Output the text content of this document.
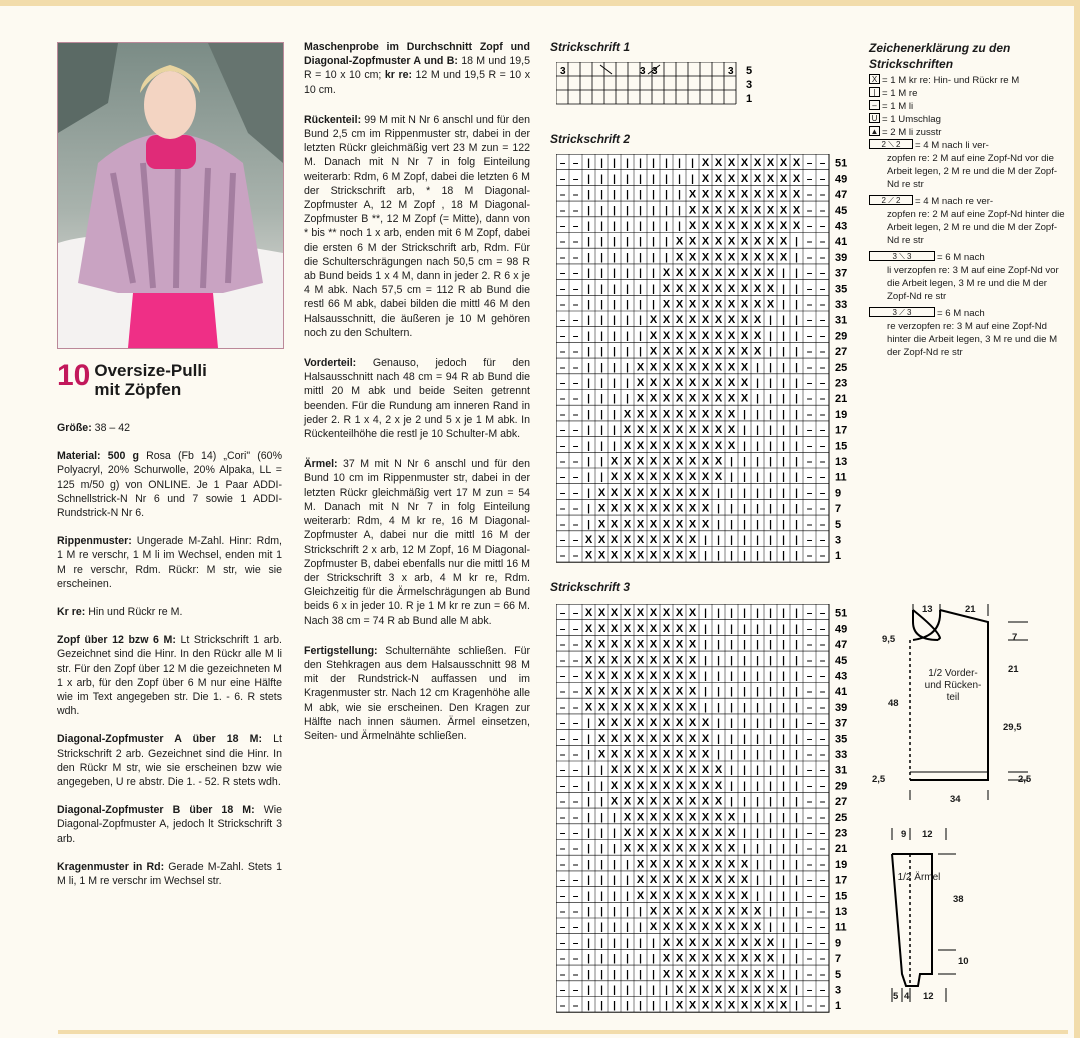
10 Oversize-Pulli
mit Zöpfen

Größe: 38 – 42

Material: 500 g Rosa (Fb 14) „Cori" (60% Polyacryl, 20% Schurwolle, 20% Alpaka, LL = 125 m/50 g) von ONLINE. Je 1 Paar ADDI-Schnellstrick-N Nr 6 und 7 sowie 1 ADDI-Rundstrick-N Nr 6.

Rippenmuster: Ungerade M-Zahl. Hinr: Rdm, 1 M re verschr, 1 M li im Wechsel, enden mit 1 M re verschr, Rdm. Rückr: M str, wie sie erscheinen.

Kr re: Hin und Rückr re M.

Zopf über 12 bzw 6 M: Lt Strickschrift 1 arb. Gezeichnet sind die Hinr. In den Rückr alle M li str. Für den Zopf über 12 M die gezeichneten M 1 x arb, für den Zopf über 6 M nur eine Hälfte wie im Text angegeben str. Die 1. - 6. R stets wdh.

Diagonal-Zopfmuster A über 18 M: Lt Strickschrift 2 arb. Gezeichnet sind die Hinr. In den Rückr M str, wie sie erscheinen bzw wie angegeben, U re abstr. Die 1. - 52. R stets wdh.

Diagonal-Zopfmuster B über 18 M: Wie Diagonal-Zopfmuster A, jedoch lt Strickschrift 3 arb.

Kragenmuster in Rd: Gerade M-Zahl. Stets 1 M li, 1 M re verschr im Wechsel str.

Maschenprobe im Durchschnitt Zopf und Diagonal-Zopfmuster A und B: 18 M und 19,5 R = 10 x 10 cm; kr re: 12 M und 19,5 R = 10 x 10 cm.

Rückenteil: 99 M mit N Nr 6 anschl und für den Bund 2,5 cm im Rippenmuster str, dabei in der letzten Rückr gleichmäßig vert 23 M zun = 122 M. Danach mit N Nr 7 in folg Einteilung weiterarb: Rdm, 6 M Zopf, dabei die letzten 6 M der Strickschrift arb, * 18 M Diagonal-Zopfmuster A, 12 M Zopf , 18 M Diagonal-Zopfmuster B **, 12 M Zopf (= Mitte), dann von * bis ** noch 1 x arb, enden mit 6 M Zopf, dabei die ersten 6 M der Strickschrift arb, Rdm. Für die Schulterschrägungen nach 50,5 cm = 98 R ab Bund beids 1 x 4 M, dann in jeder 2. R 6 x je 4 M abk. Nach 57,5 cm = 112 R ab Bund die restl 66 M abk, dabei bilden die mittl 46 M den Halsausschnitt, die äußeren je 10 M gehören noch zu den Schultern.

Vorderteil: Genauso, jedoch für den Halsausschnitt nach 48 cm = 94 R ab Bund die mittl 20 M abk und beide Seiten getrennt beenden. Für die Rundung am inneren Rand in jeder 2. R 1 x 4, 2 x je 2 und 5 x je 1 M abk. In Rückenteilhöhe die restl je 10 Schulter-M abk.

Ärmel: 37 M mit N Nr 6 anschl und für den Bund 10 cm im Rippenmuster str, dabei in der letzten Rückr gleichmäßig vert 17 M zun = 54 M. Danach mit N Nr 7 in folg Einteilung weiterarb: Rdm, 4 M kr re, 16 M Diagonal-Zopfmuster A, dabei nur die mittl 16 M der Strickschrift 2 x arb, 12 M Zopf, 16 M Diagonal-Zopfmuster B, dabei ebenfalls nur die mittl 16 M der Strickschrift 3 x arb, 4 M kr re, Rdm. Gleichzeitig für die Ärmelschrägungen ab Bund beids 6 x in jeder 10. R je 1 M kr re zun = 66 M. Nach 38 cm = 74 R ab Bund alle M abk.

Fertigstellung: Schulternähte schließen. Für den Stehkragen aus dem Halsausschnitt 98 M mit der Rundstrick-N auffassen und im Kragenmuster str. Nach 12 cm Kragenhöhe alle M abk, wie sie erscheinen. Den Kragen zur Hälfte nach innen säumen. Ärmel einsetzen, Seiten- und Ärmelnähte schließen.

Strickschrift 1
3	3 3	3 5
3
1
Strickschrift 2
– – | | | | | | | | | X X X X X X X X – – 51
– – | | | | | | | | | X X X X X X X X – – 49
– – | | | | | | | | X X X X X X X X X – – 47
– – | | | | | | | | X X X X X X X X X – – 45
– – | | | | | | | | X X X X X X X X X – – 43
– – | | | | | | | X X X X X X X X X | – – 41
– – | | | | | | | X X X X X X X X X | – – 39
– – | | | | | | X X X X X X X X X | | – – 37
– – | | | | | | X X X X X X X X X | | – – 35
– – | | | | | | X X X X X X X X X | | – – 33
– – | | | | | X X X X X X X X X | | | – – 31
– – | | | | | X X X X X X X X X | | | – – 29
– – | | | | | X X X X X X X X X | | | – – 27
– – | | | | X X X X X X X X X | | | | – – 25
– – | | | | X X X X X X X X X | | | | – – 23
– – | | | | X X X X X X X X X | | | | – – 21
– – | | | X X X X X X X X X | | | | | – – 19
– – | | | X X X X X X X X X | | | | | – – 17
– – | | | X X X X X X X X X | | | | | – – 15
– – | | X X X X X X X X X | | | | | | – – 13
– – | | X X X X X X X X X | | | | | | – – 11
– – | X X X X X X X X X | | | | | | | – – 9
– – | X X X X X X X X X | | | | | | | – – 7
– – | X X X X X X X X X | | | | | | | – – 5
– – X X X X X X X X X | | | | | | | | – – 3
– – X X X X X X X X X | | | | | | | | – – 1
Strickschrift 3
– – X X X X X X X X X | | | | | | | | – – 51
– – X X X X X X X X X | | | | | | | | – – 49
– – X X X X X X X X X | | | | | | | | – – 47
– – X X X X X X X X X | | | | | | | | – – 45
– – X X X X X X X X X | | | | | | | | – – 43
– – X X X X X X X X X | | | | | | | | – – 41
– – X X X X X X X X X | | | | | | | | – – 39
– – | X X X X X X X X X | | | | | | | – – 37
– – | X X X X X X X X X | | | | | | | – – 35
– – | X X X X X X X X X | | | | | | | – – 33
– – | | X X X X X X X X X | | | | | | – – 31
– – | | X X X X X X X X X | | | | | | – – 29
– – | | X X X X X X X X X | | | | | | – – 27
– – | | | X X X X X X X X X | | | | | – – 25
– – | | | X X X X X X X X X | | | | | – – 23
– – | | | X X X X X X X X X | | | | | – – 21
– – | | | | X X X X X X X X X | | | | – – 19
– – | | | | X X X X X X X X X | | | | – – 17
– – | | | | X X X X X X X X X | | | | – – 15
– – | | | | | X X X X X X X X X | | | – – 13
– – | | | | | X X X X X X X X X | | | – – 11
– – | | | | | | X X X X X X X X X | | – – 9
– – | | | | | | X X X X X X X X X | | – – 7
– – | | | | | | X X X X X X X X X | | – – 5
– – | | | | | | | X X X X X X X X X | – – 3
– – | | | | | | | X X X X X X X X X | – – 1
Zeichenerklärung zu den Strickschriften
X = 1 M kr re: Hin- und Rückr re M
| = 1 M re
– = 1 M li
U = 1 Umschlag
▲ = 2 M li zusstr
2 ⟍ 2	= 4 M nach li ver-
zopfen re: 2 M auf eine Zopf-Nd vor die Arbeit legen, 2 M re und die M der Zopf-Nd re str
2 ⟋ 2	= 4 M nach re ver-
zopfen re: 2 M auf eine Zopf-Nd hinter die Arbeit legen, 2 M re und die M der Zopf-Nd re str
3 ⟍ 3	= 6 M nach
li verzopfen re: 3 M auf eine Zopf-Nd vor die Arbeit legen, 3 M re und die M der Zopf-Nd re str
3 ⟋ 3	= 6 M nach
re verzopfen re: 3 M auf eine Zopf-Nd hinter die Arbeit legen, 3 M re und die M der Zopf-Nd re str
13	21
9,5	7
21
48
29,5
2,5	2,5
34
1/2 Vorder- und Rücken- teil
9 12
38
10
5 4 12
1/2 Ärmel
